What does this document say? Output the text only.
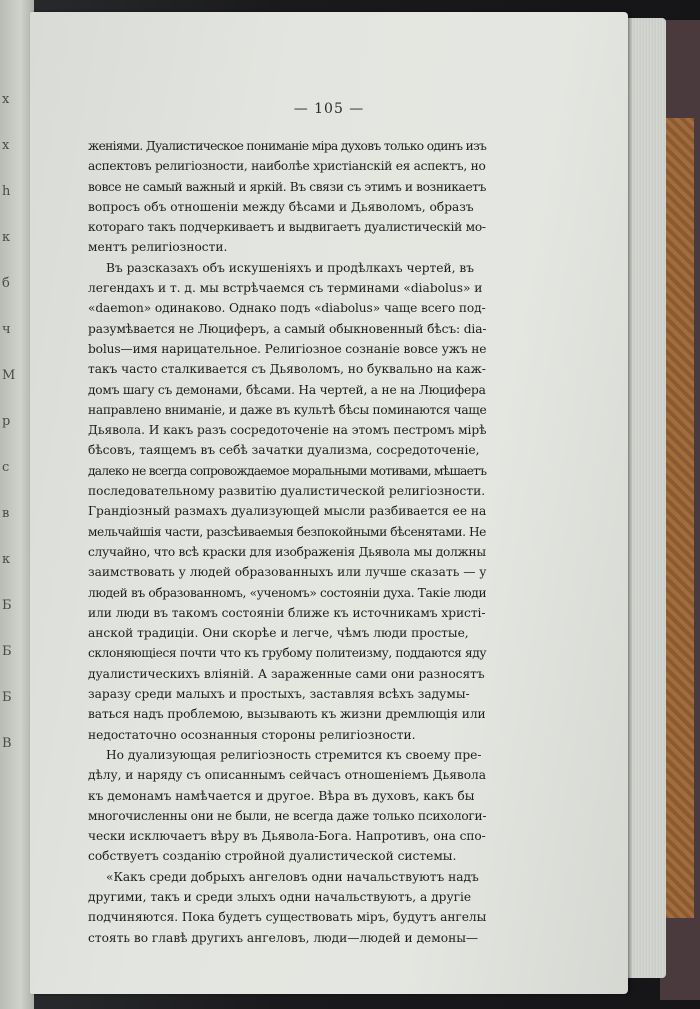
х
х
h
к
б
ч
М
р
с
в
к
Б
Б
Б
В
— 105 —
женіями. Дуалистическое пониманіе міра духовъ только одинъ изъ
аспектовъ религіозности, наиболѣе христіанскій ея аспектъ, но
вовсе не самый важный и яркій. Въ связи съ этимъ и возникаетъ
вопросъ объ отношеніи между бѣсами и Дьяволомъ, образъ
котораго такъ подчеркиваетъ и выдвигаетъ дуалистическій мо-
ментъ религіозности.
Въ разсказахъ объ искушеніяхъ и продѣлкахъ чертей, въ
легендахъ и т. д. мы встрѣчаемся съ терминами «diabolus» и
«daemon» одинаково. Однако подъ «diabolus» чаще всего под-
разумѣвается не Люциферъ, а самый обыкновенный бѣсъ: dia-
bolus—имя нарицательное. Религіозное сознаніе вовсе ужъ не
такъ часто сталкивается съ Дьяволомъ, но буквально на каж-
домъ шагу съ демонами, бѣсами. На чертей, а не на Люцифера
направлено вниманіе, и даже въ культѣ бѣсы поминаются чаще
Дьявола. И какъ разъ сосредоточеніе на этомъ пестромъ мірѣ
бѣсовъ, таящемъ въ себѣ зачатки дуализма, сосредоточеніе,
далеко не всегда сопровождаемое моральными мотивами, мѣшаетъ
последовательному развитію дуалистической религіозности.
Грандіозный размахъ дуализующей мысли разбивается ее на
мельчайшія части, разсѣиваемыя безпокойными бѣсенятами. Не
случайно, что всѣ краски для изображенія Дьявола мы должны
заимствовать у людей образованныхъ или лучше сказать — у
людей въ образованномъ, «ученомъ» состояніи духа. Такіе люди
или люди въ такомъ состояніи ближе къ источникамъ христі-
анской традиціи. Они скорѣе и легче, чѣмъ люди простые,
склоняющіеся почти что къ грубому политеизму, поддаются яду
дуалистическихъ вліяній. А зараженные сами они разносятъ
заразу среди малыхъ и простыхъ, заставляя всѣхъ задумы-
ваться надъ проблемою, вызывають къ жизни дремлющія или
недостаточно осознанныя стороны религіозности.
Но дуализующая религіозность стремится къ своему пре-
дѣлу, и наряду съ описаннымъ сейчасъ отношеніемъ Дьявола
къ демонамъ намѣчается и другое. Вѣра въ духовъ, какъ бы
многочисленны они не были, не всегда даже только психологи-
чески исключаетъ вѣру въ Дьявола-Бога. Напротивъ, она спо-
собствуетъ созданію стройной дуалистической системы.
«Какъ среди добрыхъ ангеловъ одни начальствуютъ надъ
другими, такъ и среди злыхъ одни начальствуютъ, а другіе
подчиняются. Пока будетъ существовать міръ, будутъ ангелы
стоять во главѣ другихъ ангеловъ, люди—людей и демоны—
